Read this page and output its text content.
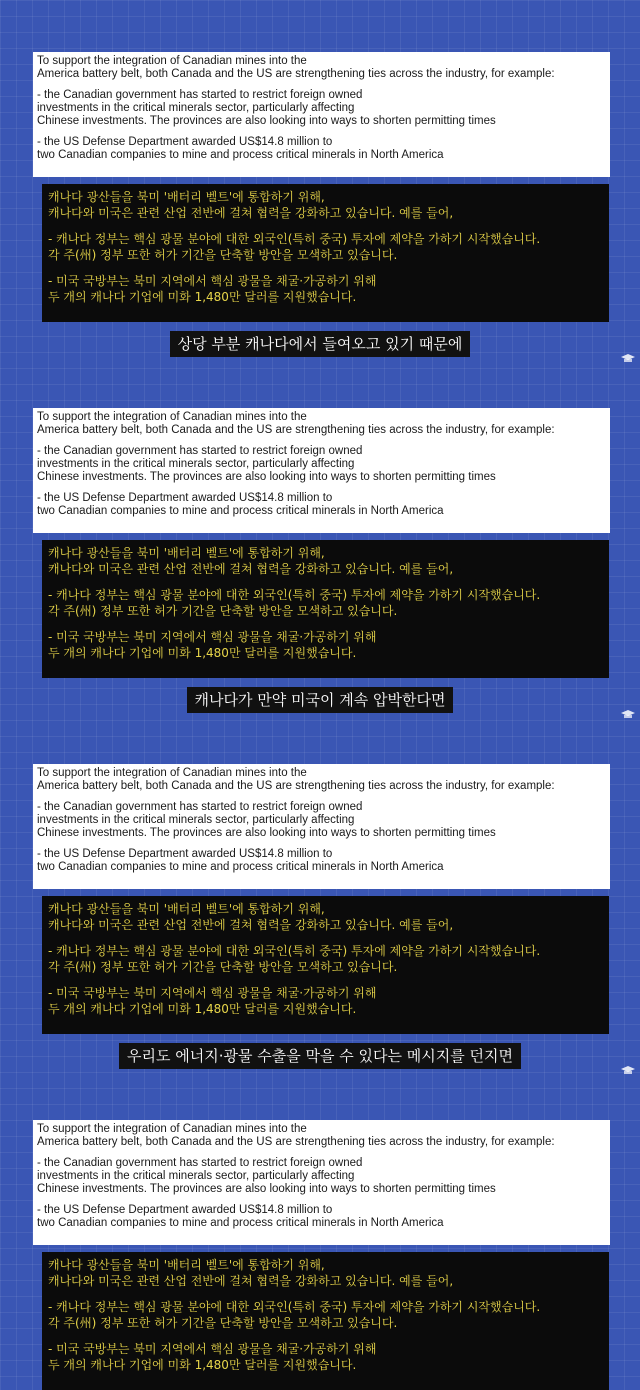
To support the integration of Canadian mines into the
America battery belt, both Canada and the US are strengthening ties across the industry, for example:
- the Canadian government has started to restrict foreign owned
investments in the critical minerals sector, particularly affecting
Chinese investments. The provinces are also looking into ways to shorten permitting times
- the US Defense Department awarded US$14.8 million to
two Canadian companies to mine and process critical minerals in North America
캐나다 광산들을 북미 '배터리 벨트'에 통합하기 위해,
캐나다와 미국은 관련 산업 전반에 걸쳐 협력을 강화하고 있습니다. 예를 들어,
- 캐나다 정부는 핵심 광물 분야에 대한 외국인(특히 중국) 투자에 제약을 가하기 시작했습니다.
각 주(州) 정부 또한 허가 기간을 단축할 방안을 모색하고 있습니다.
- 미국 국방부는 북미 지역에서 핵심 광물을 채굴·가공하기 위해
두 개의 캐나다 기업에 미화 1,480만 달러를 지원했습니다.
상당 부분 캐나다에서 들여오고 있기 때문에
To support the integration of Canadian mines into the
America battery belt, both Canada and the US are strengthening ties across the industry, for example:
- the Canadian government has started to restrict foreign owned
investments in the critical minerals sector, particularly affecting
Chinese investments. The provinces are also looking into ways to shorten permitting times
- the US Defense Department awarded US$14.8 million to
two Canadian companies to mine and process critical minerals in North America
캐나다 광산들을 북미 '배터리 벨트'에 통합하기 위해,
캐나다와 미국은 관련 산업 전반에 걸쳐 협력을 강화하고 있습니다. 예를 들어,
- 캐나다 정부는 핵심 광물 분야에 대한 외국인(특히 중국) 투자에 제약을 가하기 시작했습니다.
각 주(州) 정부 또한 허가 기간을 단축할 방안을 모색하고 있습니다.
- 미국 국방부는 북미 지역에서 핵심 광물을 채굴·가공하기 위해
두 개의 캐나다 기업에 미화 1,480만 달러를 지원했습니다.
캐나다가 만약 미국이 계속 압박한다면
To support the integration of Canadian mines into the
America battery belt, both Canada and the US are strengthening ties across the industry, for example:
- the Canadian government has started to restrict foreign owned
investments in the critical minerals sector, particularly affecting
Chinese investments. The provinces are also looking into ways to shorten permitting times
- the US Defense Department awarded US$14.8 million to
two Canadian companies to mine and process critical minerals in North America
캐나다 광산들을 북미 '배터리 벨트'에 통합하기 위해,
캐나다와 미국은 관련 산업 전반에 걸쳐 협력을 강화하고 있습니다. 예를 들어,
- 캐나다 정부는 핵심 광물 분야에 대한 외국인(특히 중국) 투자에 제약을 가하기 시작했습니다.
각 주(州) 정부 또한 허가 기간을 단축할 방안을 모색하고 있습니다.
- 미국 국방부는 북미 지역에서 핵심 광물을 채굴·가공하기 위해
두 개의 캐나다 기업에 미화 1,480만 달러를 지원했습니다.
우리도 에너지·광물 수출을 막을 수 있다는 메시지를 던지면
To support the integration of Canadian mines into the
America battery belt, both Canada and the US are strengthening ties across the industry, for example:
- the Canadian government has started to restrict foreign owned
investments in the critical minerals sector, particularly affecting
Chinese investments. The provinces are also looking into ways to shorten permitting times
- the US Defense Department awarded US$14.8 million to
two Canadian companies to mine and process critical minerals in North America
캐나다 광산들을 북미 '배터리 벨트'에 통합하기 위해,
캐나다와 미국은 관련 산업 전반에 걸쳐 협력을 강화하고 있습니다. 예를 들어,
- 캐나다 정부는 핵심 광물 분야에 대한 외국인(특히 중국) 투자에 제약을 가하기 시작했습니다.
각 주(州) 정부 또한 허가 기간을 단축할 방안을 모색하고 있습니다.
- 미국 국방부는 북미 지역에서 핵심 광물을 채굴·가공하기 위해
두 개의 캐나다 기업에 미화 1,480만 달러를 지원했습니다.
